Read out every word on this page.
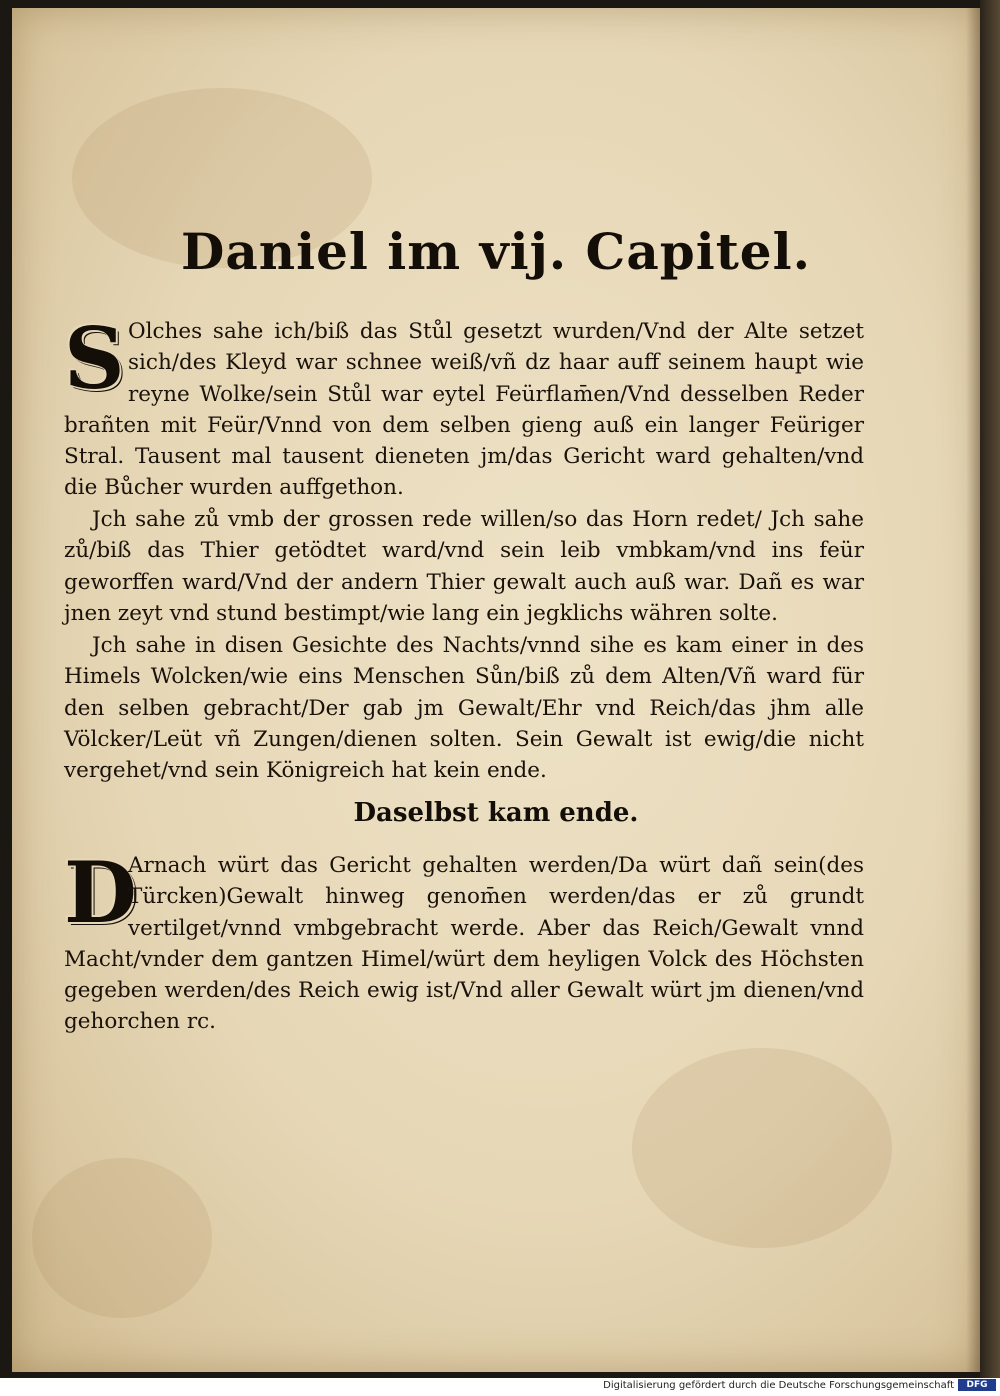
Daniel im vij. Capitel.

S Olches sahe ich/biß das Stůl gesetzt wurden/Vnd der Alte setzet sich/des Kleyd war schnee weiß/vñ dz haar auff seinem haupt wie reyne Wolke/sein Stůl war eytel Feürflam̄en/Vnd desselben Reder brañten mit Feür/Vnnd von dem selben gieng auß ein langer Feüriger Stral. Tausent mal tausent dieneten jm/das Gericht ward gehalten/vnd die Bůcher wurden auffgethon.

Jch sahe zů vmb der grossen rede willen/so das Horn redet/ Jch sahe zů/biß das Thier getödtet ward/vnd sein leib vmbkam/vnd ins feür geworffen ward/Vnd der andern Thier gewalt auch auß war. Dañ es war jnen zeyt vnd stund bestimpt/wie lang ein jegklichs währen solte.

Jch sahe in disen Gesichte des Nachts/vnnd sihe es kam einer in des Himels Wolcken/wie eins Menschen Sůn/biß zů dem Alten/Vñ ward für den selben gebracht/Der gab jm Gewalt/Ehr vnd Reich/das jhm alle Völcker/Leüt vñ Zungen/dienen solten. Sein Gewalt ist ewig/die nicht vergehet/vnd sein Königreich hat kein ende.

Daselbst kam ende.

D
Arnach würt das Gericht gehalten werden/Da würt dañ sein(des Türcken)Gewalt hinweg genom̄en werden/das er zů grundt vertilget/vnnd vmbgebracht werde. Aber das Reich/Gewalt vnnd Macht/vnder dem gantzen Himel/würt dem heyligen Volck des Höchsten gegeben werden/des Reich ewig ist/Vnd aller Gewalt würt jm dienen/vnd gehorchen rc.

Digitalisierung gefördert durch die Deutsche Forschungsgemeinschaft	DFG
